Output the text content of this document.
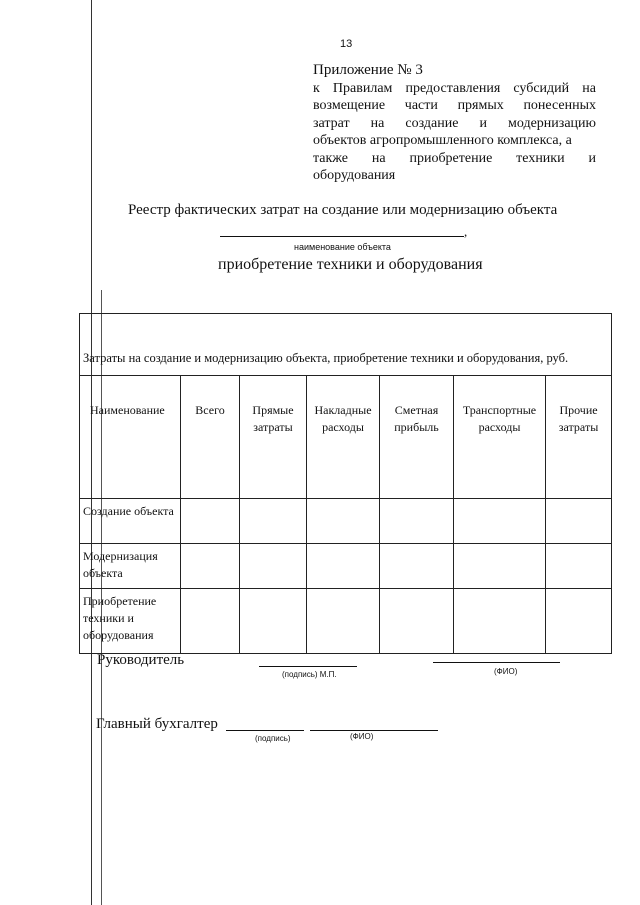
13
Приложение № 3
к Правилам предоставления субсидий на
возмещение части прямых понесенных
затрат на создание и модернизацию
объектов агропромышленного комплекса, а
также на приобретение техники и
оборудования
Реестр фактических затрат на создание или модернизацию объекта
,
наименование объекта
приобретение техники и оборудования
Затраты на создание и модернизацию объекта, приобретение техники и оборудования, руб.						
Наименование	Всего	Прямые затраты	Накладные расходы	Сметная прибыль	Транспортные расходы	Прочие затраты
Создание объекта						
Модернизация объекта						
Приобретение техники и оборудования						
Руководитель
(подпись) М.П.	(ФИО)
Главный бухгалтер
(подпись)	(ФИО)
